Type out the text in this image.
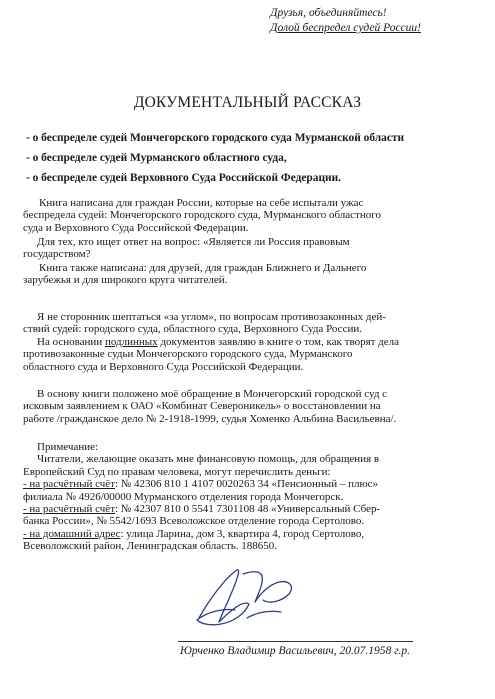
Друзья, объединяйтесь!
Долой беспредел судей России!
ДОКУМЕНТАЛЬНЫЙ РАССКАЗ
- о беспределе судей Мончегорского городского суда Мурманской области
- о беспределе судей Мурманского областного суда,
- о беспределе судей Верховного Суда Российской Федерации.
Книга написана для граждан России, которые на себе испытали ужас
беспредела судей: Мончегорского городского суда, Мурманского областного
суда и Верховного Суда Российской Федерации.
Для тех, кто ищет ответ на вопрос: «Является ли Россия правовым
государством?
Книга также написана: для друзей, для граждан Ближнего и Дальнего
зарубежья и для широкого круга читателей.
Я не сторонник шептаться «за углом», по вопросам противозаконных дей-
ствий судей: городского суда, областного суда, Верховного Суда России.
На основании подлинных документов заявляю в книге о том, как творят дела
противозаконные судьи Мончегорского городского суда, Мурманского
областного суда и Верховного Суда Российской Федерации.
В основу книги положено моё обращение в Мончегорский городской суд с
исковым заявлением к ОАО «Комбинат Североникель» о восстановлении на
работе /гражданское дело № 2-1918-1999, судья Хоменко Альбина Васильевна/.
Примечание:
Читатели, желающие оказать мне финансовую помощь, для обращения в
Европейский Суд по правам человека, могут перечислить деньги:
- на расчётный счёт: № 42306 810 1 4107 0020263 34 «Пенсионный – плюс»
филиала № 4926/00000 Мурманского отделения города Мончегорск.
- на расчётный счёт: № 42307 810 0 5541 7301108 48 «Универсальный Сбер-
банка России», № 5542/1693 Всеволожское отделение города Сертолово.
- на домашний адрес: улица Ларина, дом 3, квартира 4, город Сертолово,
Всеволожский район, Ленинградская область. 188650.
Юрченко Владимир Васильевич, 20.07.1958 г.р.
